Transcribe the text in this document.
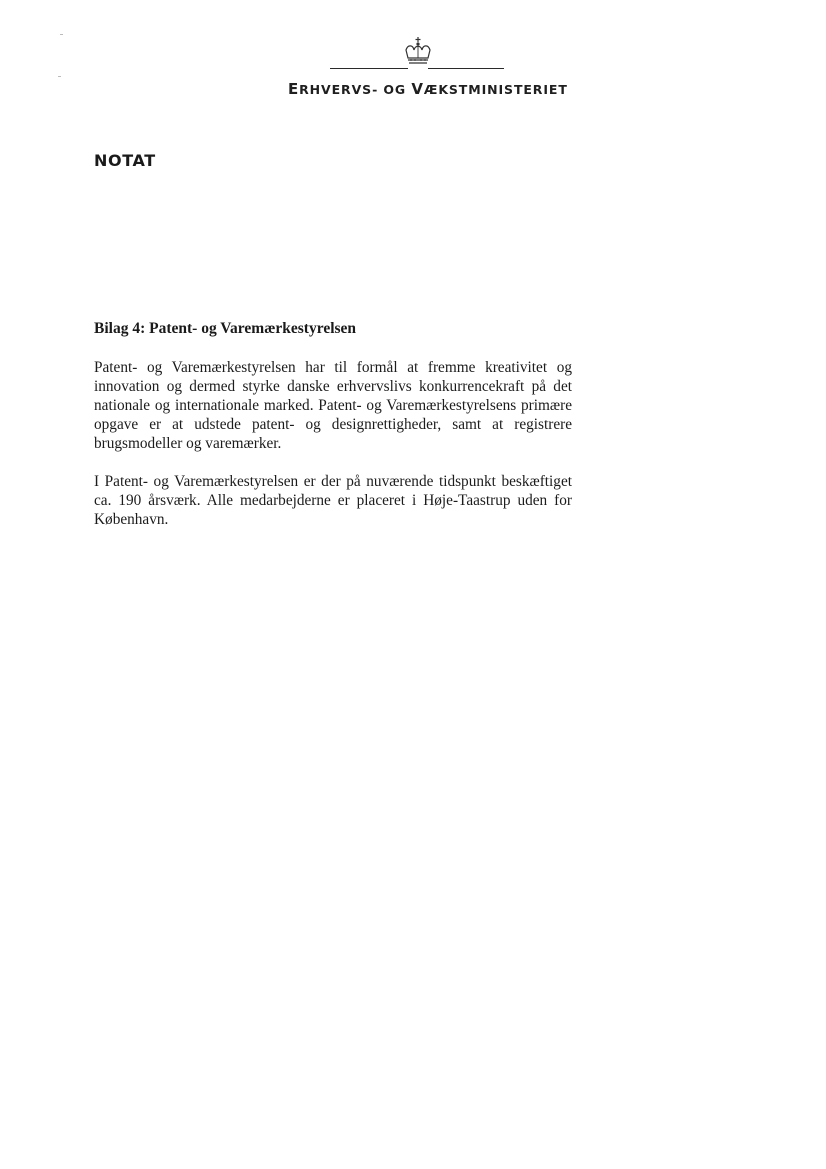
ERHVERVS- OG VÆKSTMINISTERIET
NOTAT
Bilag 4: Patent- og Varemærkestyrelsen

Patent- og Varemærkestyrelsen har til formål at fremme kreativitet og innovation og dermed styrke danske erhvervslivs konkurrencekraft på det nationale og internationale marked. Patent- og Varemærkestyrelsens primære opgave er at udstede patent- og designrettigheder, samt at registrere brugsmodeller og varemærker.

I Patent- og Varemærkestyrelsen er der på nuværende tidspunkt beskæftiget ca. 190 årsværk. Alle medarbejderne er placeret i Høje-Taastrup uden for København.
